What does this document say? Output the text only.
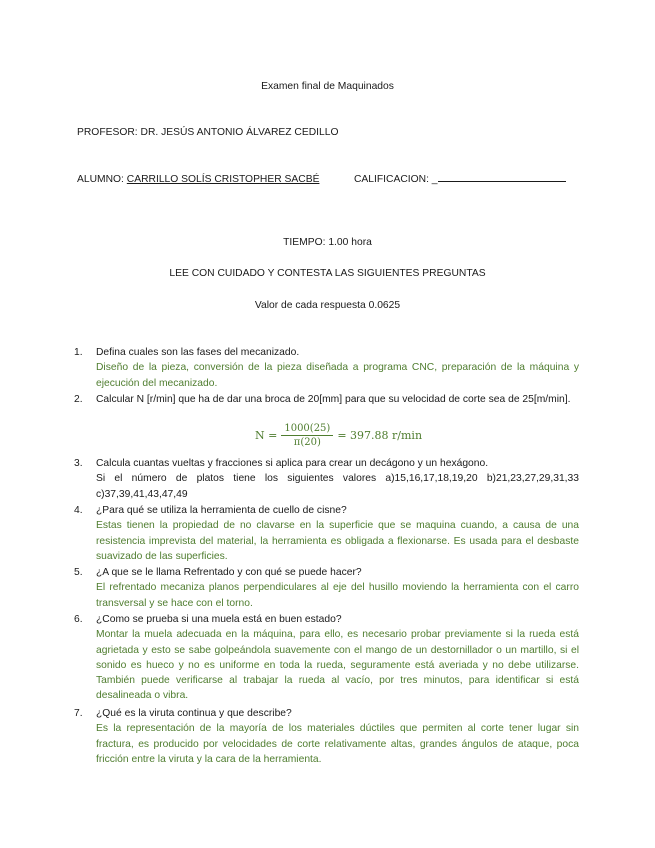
Examen final de Maquinados
PROFESOR: DR. JESÚS ANTONIO ÁLVAREZ CEDILLO
ALUMNO: CARRILLO SOLÍS CRISTOPHER SACBÉ	CALIFICACION: _
TIEMPO: 1.00 hora
LEE CON CUIDADO Y CONTESTA LAS SIGUIENTES PREGUNTAS
Valor de cada respuesta 0.0625
1. Defina cuales son las fases del mecanizado.
Diseño de la pieza, conversión de la pieza diseñada a programa CNC, preparación de la máquina y ejecución del mecanizado.
2. Calcular N [r/min] que ha de dar una broca de 20[mm] para que su velocidad de corte sea de 25[m/min].
$N = \frac{1000(25)}{\pi(20)} = 397.88$ r/min
3. Calcula cuantas vueltas y fracciones si aplica para crear un decágono y un hexágono.
Si el número de platos tiene los siguientes valores a)15,16,17,18,19,20 b)21,23,27,29,31,33 c)37,39,41,43,47,49
4. ¿Para qué se utiliza la herramienta de cuello de cisne?
Estas tienen la propiedad de no clavarse en la superficie que se maquina cuando, a causa de una resistencia imprevista del material, la herramienta es obligada a flexionarse. Es usada para el desbaste suavizado de las superficies.
5. ¿A que se le llama Refrentado y con qué se puede hacer?
El refrentado mecaniza planos perpendiculares al eje del husillo moviendo la herramienta con el carro transversal y se hace con el torno.
6. ¿Como se prueba si una muela está en buen estado?
Montar la muela adecuada en la máquina, para ello, es necesario probar previamente si la rueda está agrietada y esto se sabe golpeándola suavemente con el mango de un destornillador o un martillo, si el sonido es hueco y no es uniforme en toda la rueda, seguramente está averiada y no debe utilizarse. También puede verificarse al trabajar la rueda al vacío, por tres minutos, para identificar si está desalineada o vibra.
7. ¿Qué es la viruta continua y que describe?
Es la representación de la mayoría de los materiales dúctiles que permiten al corte tener lugar sin fractura, es producido por velocidades de corte relativamente altas, grandes ángulos de ataque, poca fricción entre la viruta y la cara de la herramienta.
